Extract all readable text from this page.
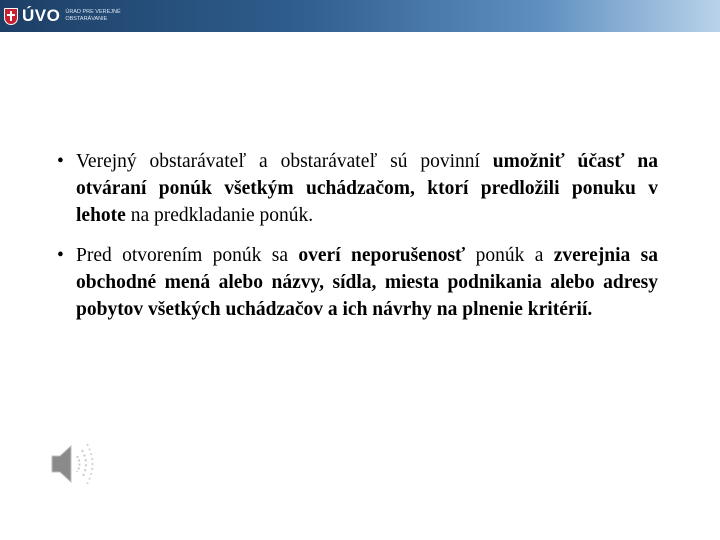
ÚVO ÚRAD PRE VEREJNÉ
OBSTARÁVANIE
• Verejný obstarávateľ a obstarávateľ sú povinní umožniť účasť na otváraní ponúk všetkým uchádzačom, ktorí predložili ponuku v lehote na predkladanie ponúk.
• Pred otvorením ponúk sa overí neporušenosť ponúk a zverejnia sa obchodné mená alebo názvy, sídla, miesta podnikania alebo adresy pobytov všetkých uchádzačov a ich návrhy na plnenie kritérií.
